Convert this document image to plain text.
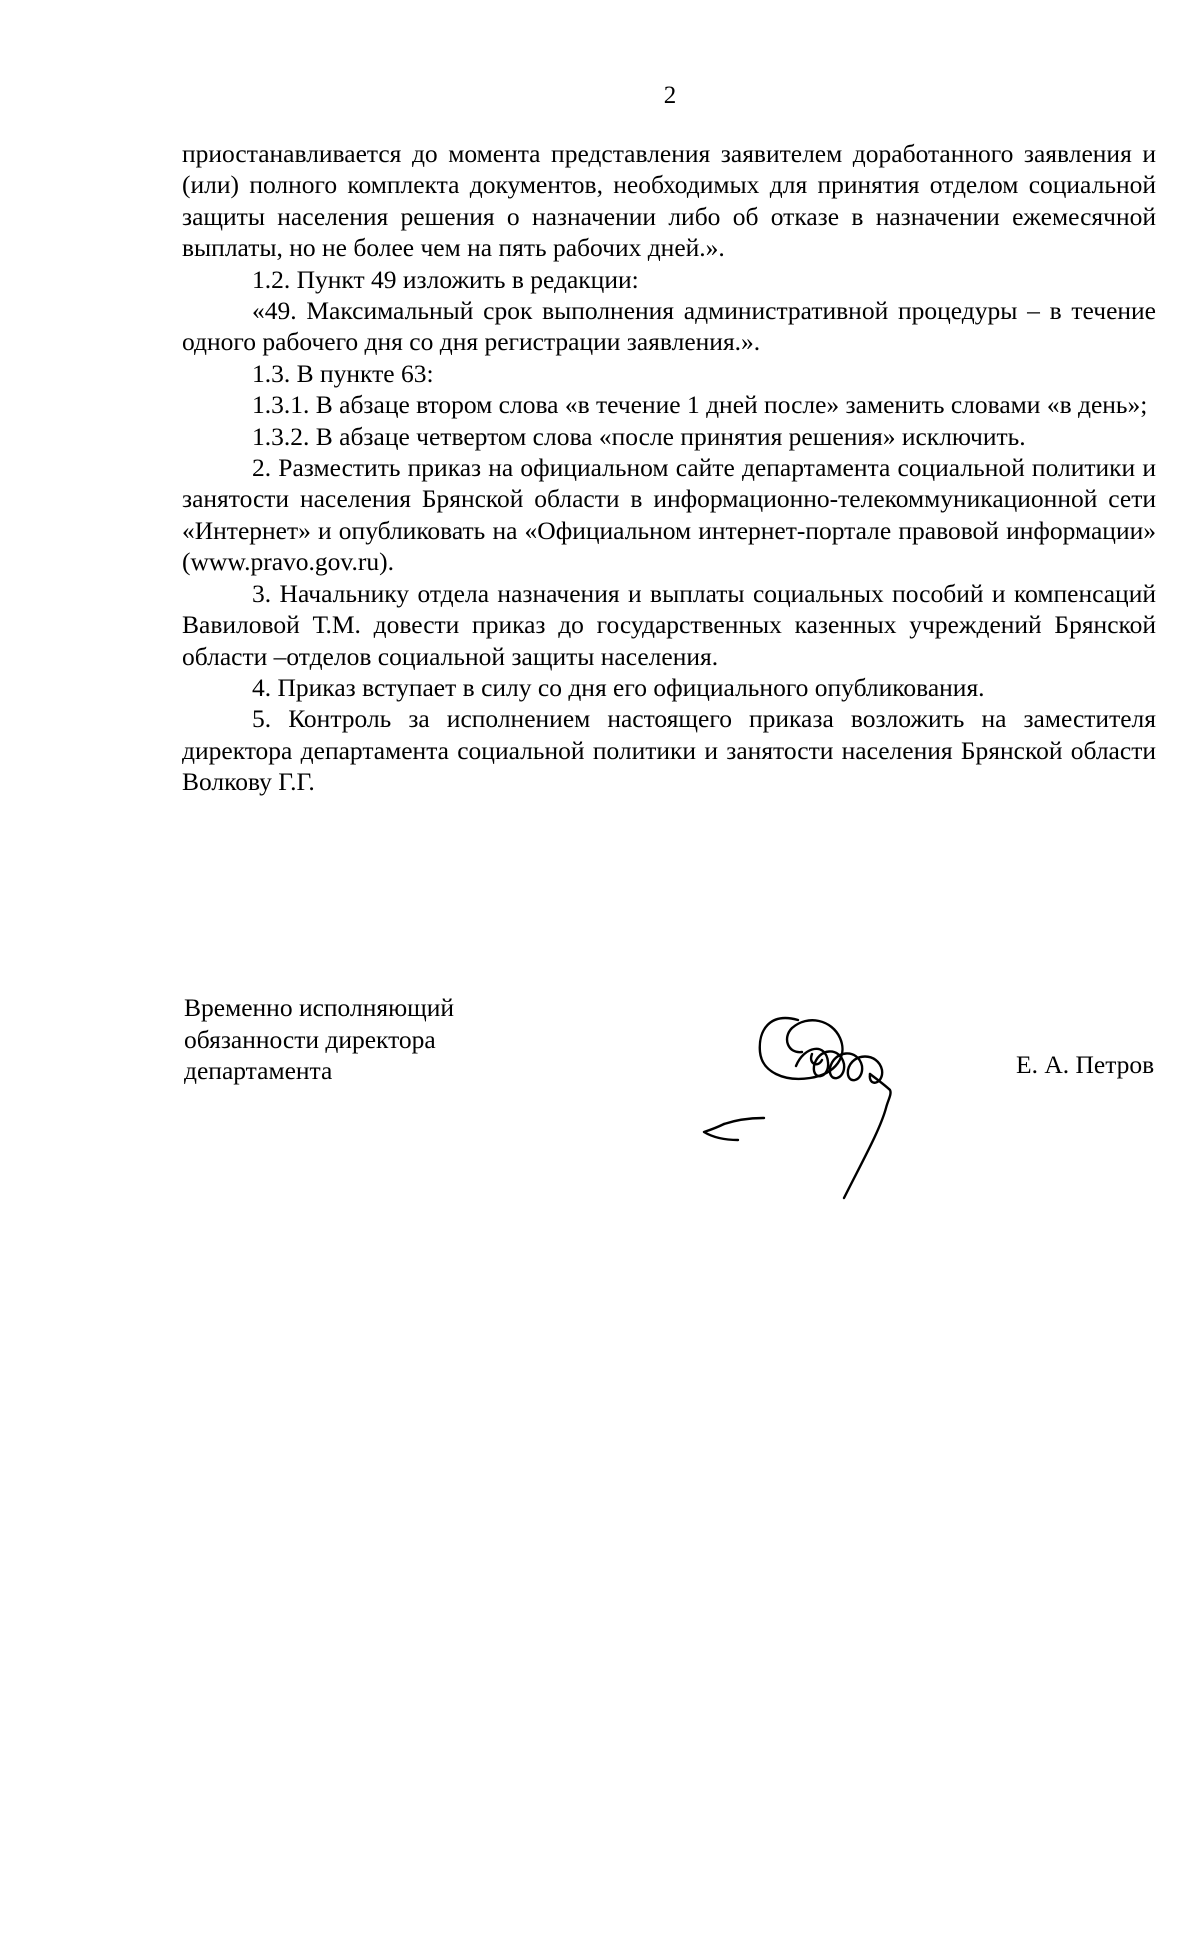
2

приостанавливается до момента представления заявителем доработанного заявления и (или) полного комплекта документов, необходимых для принятия отделом социальной защиты населения решения о назначении либо об отказе в назначении ежемесячной выплаты, но не более чем на пять рабочих дней.».

1.2. Пункт 49 изложить в редакции:

«49. Максимальный срок выполнения административной процедуры – в течение одного рабочего дня со дня регистрации заявления.».

1.3. В пункте 63:

1.3.1. В абзаце втором слова «в течение 1 дней после» заменить словами «в день»;

1.3.2. В абзаце четвертом слова «после принятия решения» исключить.

2. Разместить приказ на официальном сайте департамента социальной политики и занятости населения Брянской области в информационно-телекоммуникационной сети «Интернет» и опубликовать на «Официальном интернет-портале правовой информации» (www.pravo.gov.ru).

3. Начальнику отдела назначения и выплаты социальных пособий и компенсаций Вавиловой Т.М. довести приказ до государственных казенных учреждений Брянской области –отделов социальной защиты населения.

4. Приказ вступает в силу со дня его официального опубликования.

5. Контроль за исполнением настоящего приказа возложить на заместителя директора департамента социальной политики и занятости населения Брянской области Волкову Г.Г.

Временно исполняющий
обязанности директора
департамента	Е. А. Петров
